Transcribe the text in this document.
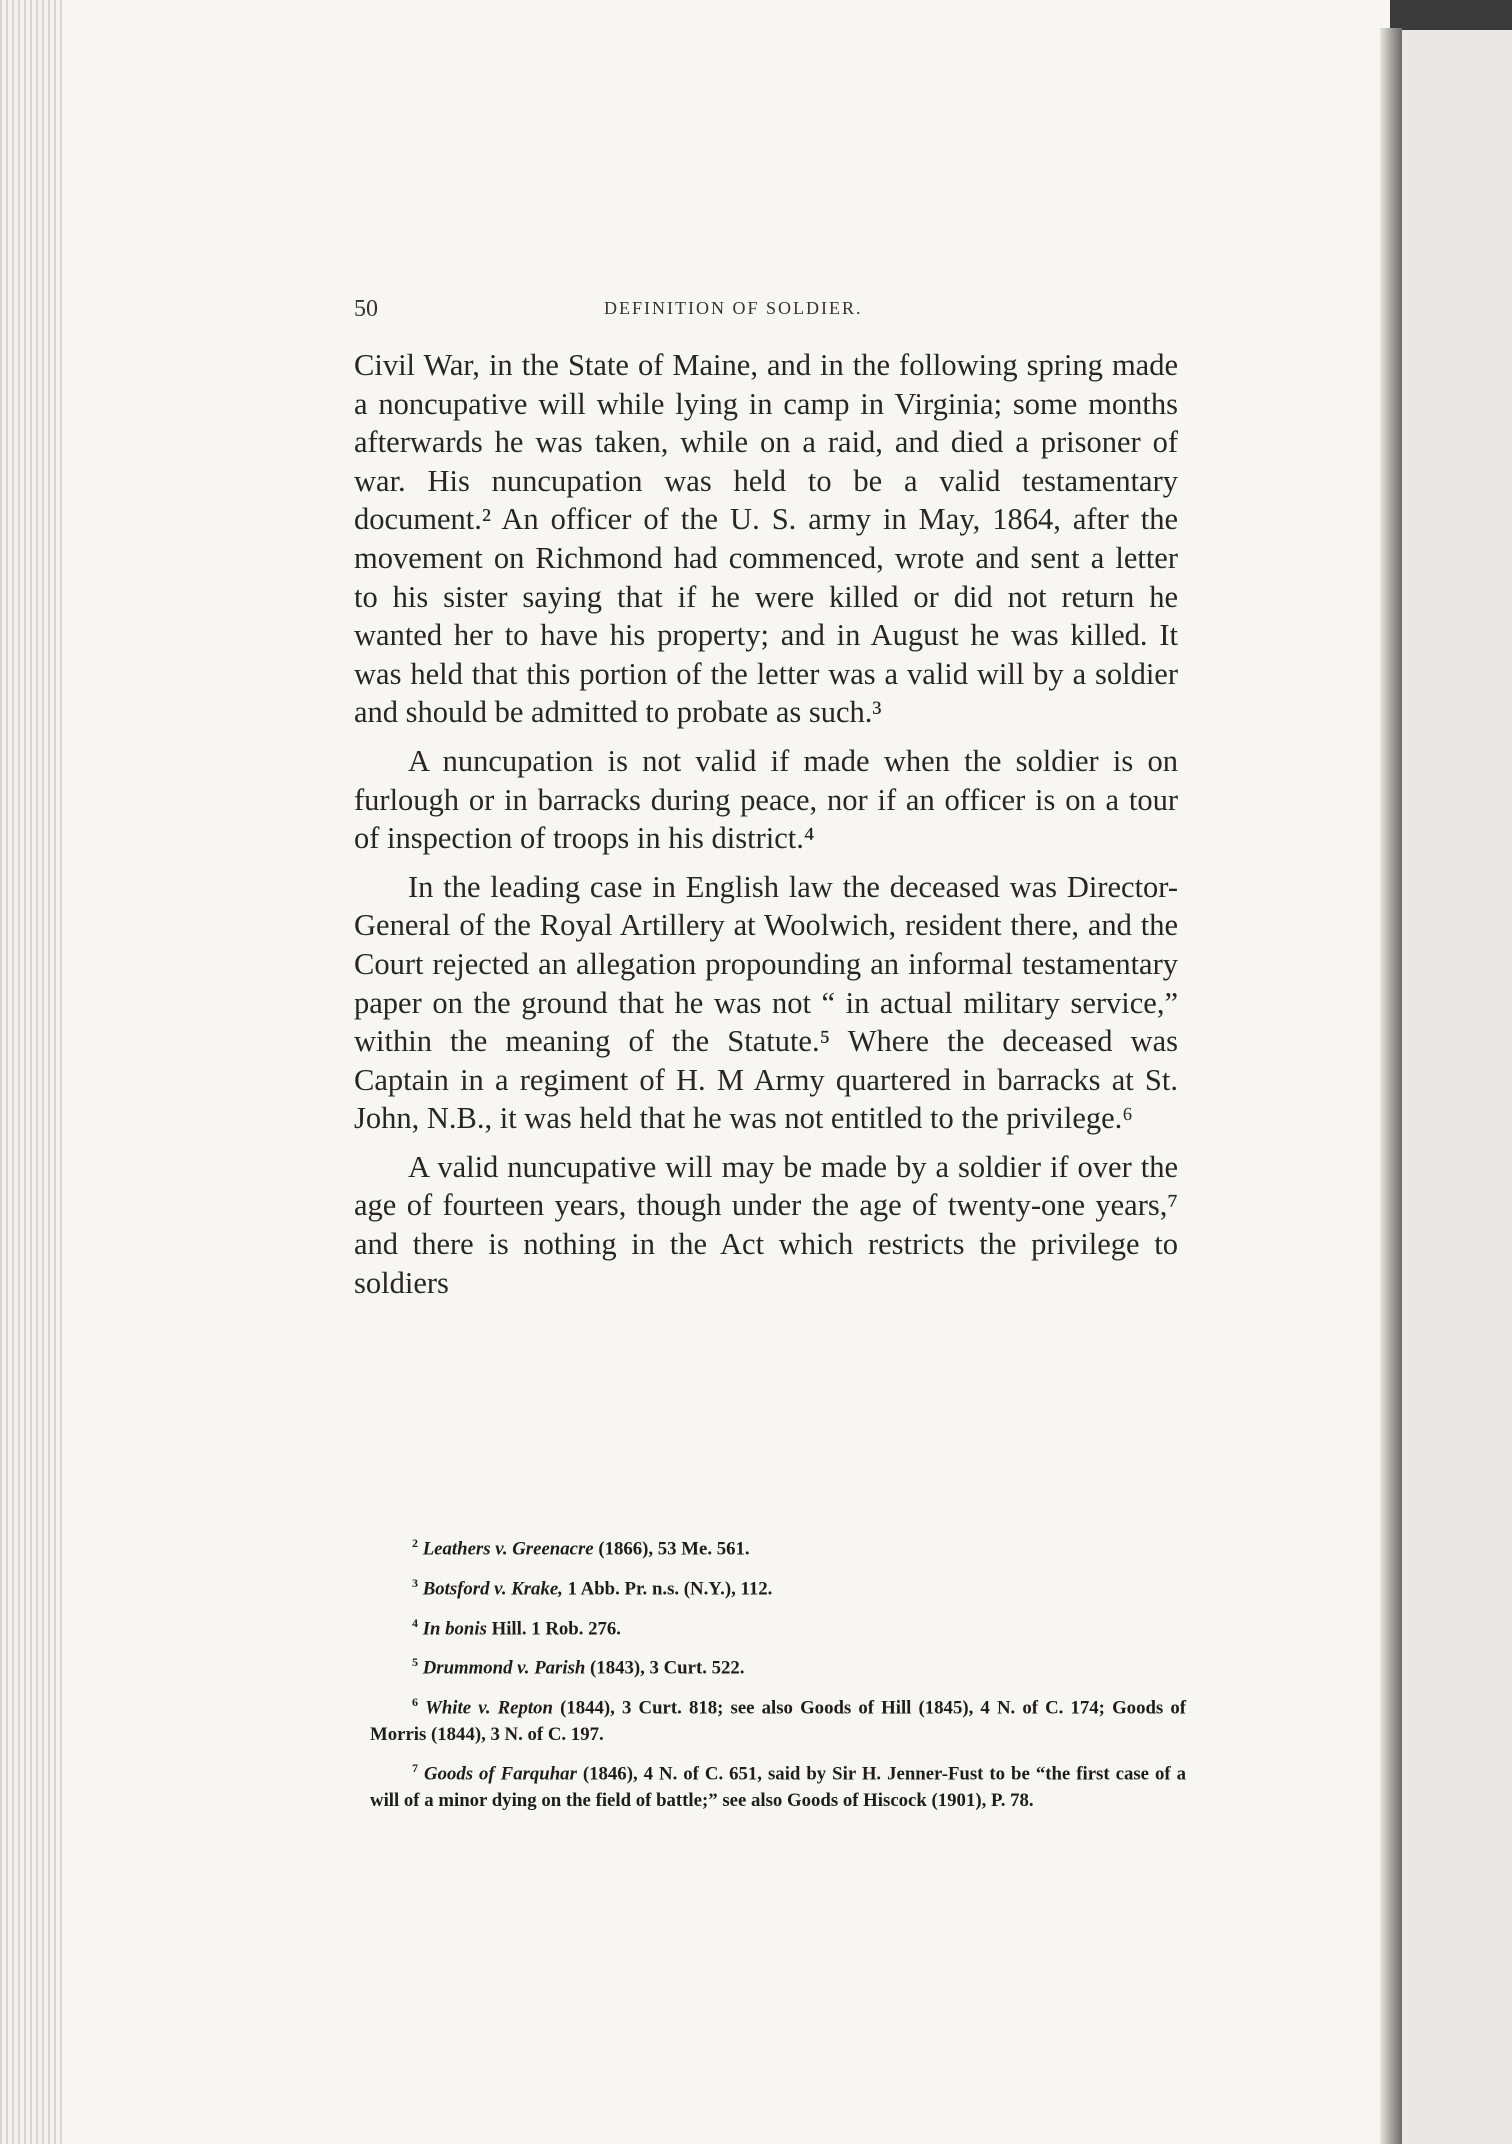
50	DEFINITION OF SOLDIER.

Civil War, in the State of Maine, and in the following spring made a noncupative will while lying in camp in Virginia; some months afterwards he was taken, while on a raid, and died a prisoner of war. His nuncupation was held to be a valid testamentary document.² An officer of the U. S. army in May, 1864, after the movement on Richmond had commenced, wrote and sent a letter to his sister saying that if he were killed or did not return he wanted her to have his property; and in August he was killed. It was held that this portion of the letter was a valid will by a soldier and should be admitted to probate as such.³

A nuncupation is not valid if made when the soldier is on furlough or in barracks during peace, nor if an officer is on a tour of inspection of troops in his district.⁴

In the leading case in English law the deceased was Director-General of the Royal Artillery at Woolwich, resident there, and the Court rejected an allegation propounding an informal testamentary paper on the ground that he was not “ in actual military service,” within the meaning of the Statute.⁵ Where the deceased was Captain in a regiment of H. M Army quartered in barracks at St. John, N.B., it was held that he was not entitled to the privilege.⁶

A valid nuncupative will may be made by a soldier if over the age of fourteen years, though under the age of twenty-one years,⁷ and there is nothing in the Act which restricts the privilege to soldiers

$^2$ Leathers v. Greenacre (1866), 53 Me. 561.
$^3$ Botsford v. Krake, 1 Abb. Pr. n.s. (N.Y.), 112.
$^4$ In bonis Hill. 1 Rob. 276.
$^5$ Drummond v. Parish (1843), 3 Curt. 522.
$^6$ White v. Repton (1844), 3 Curt. 818; see also Goods of Hill (1845), 4 N. of C. 174; Goods of Morris (1844), 3 N. of C. 197.
$^7$ Goods of Farquhar (1846), 4 N. of C. 651, said by Sir H. Jenner-Fust to be “the first case of a will of a minor dying on the field of battle;” see also Goods of Hiscock (1901), P. 78.
